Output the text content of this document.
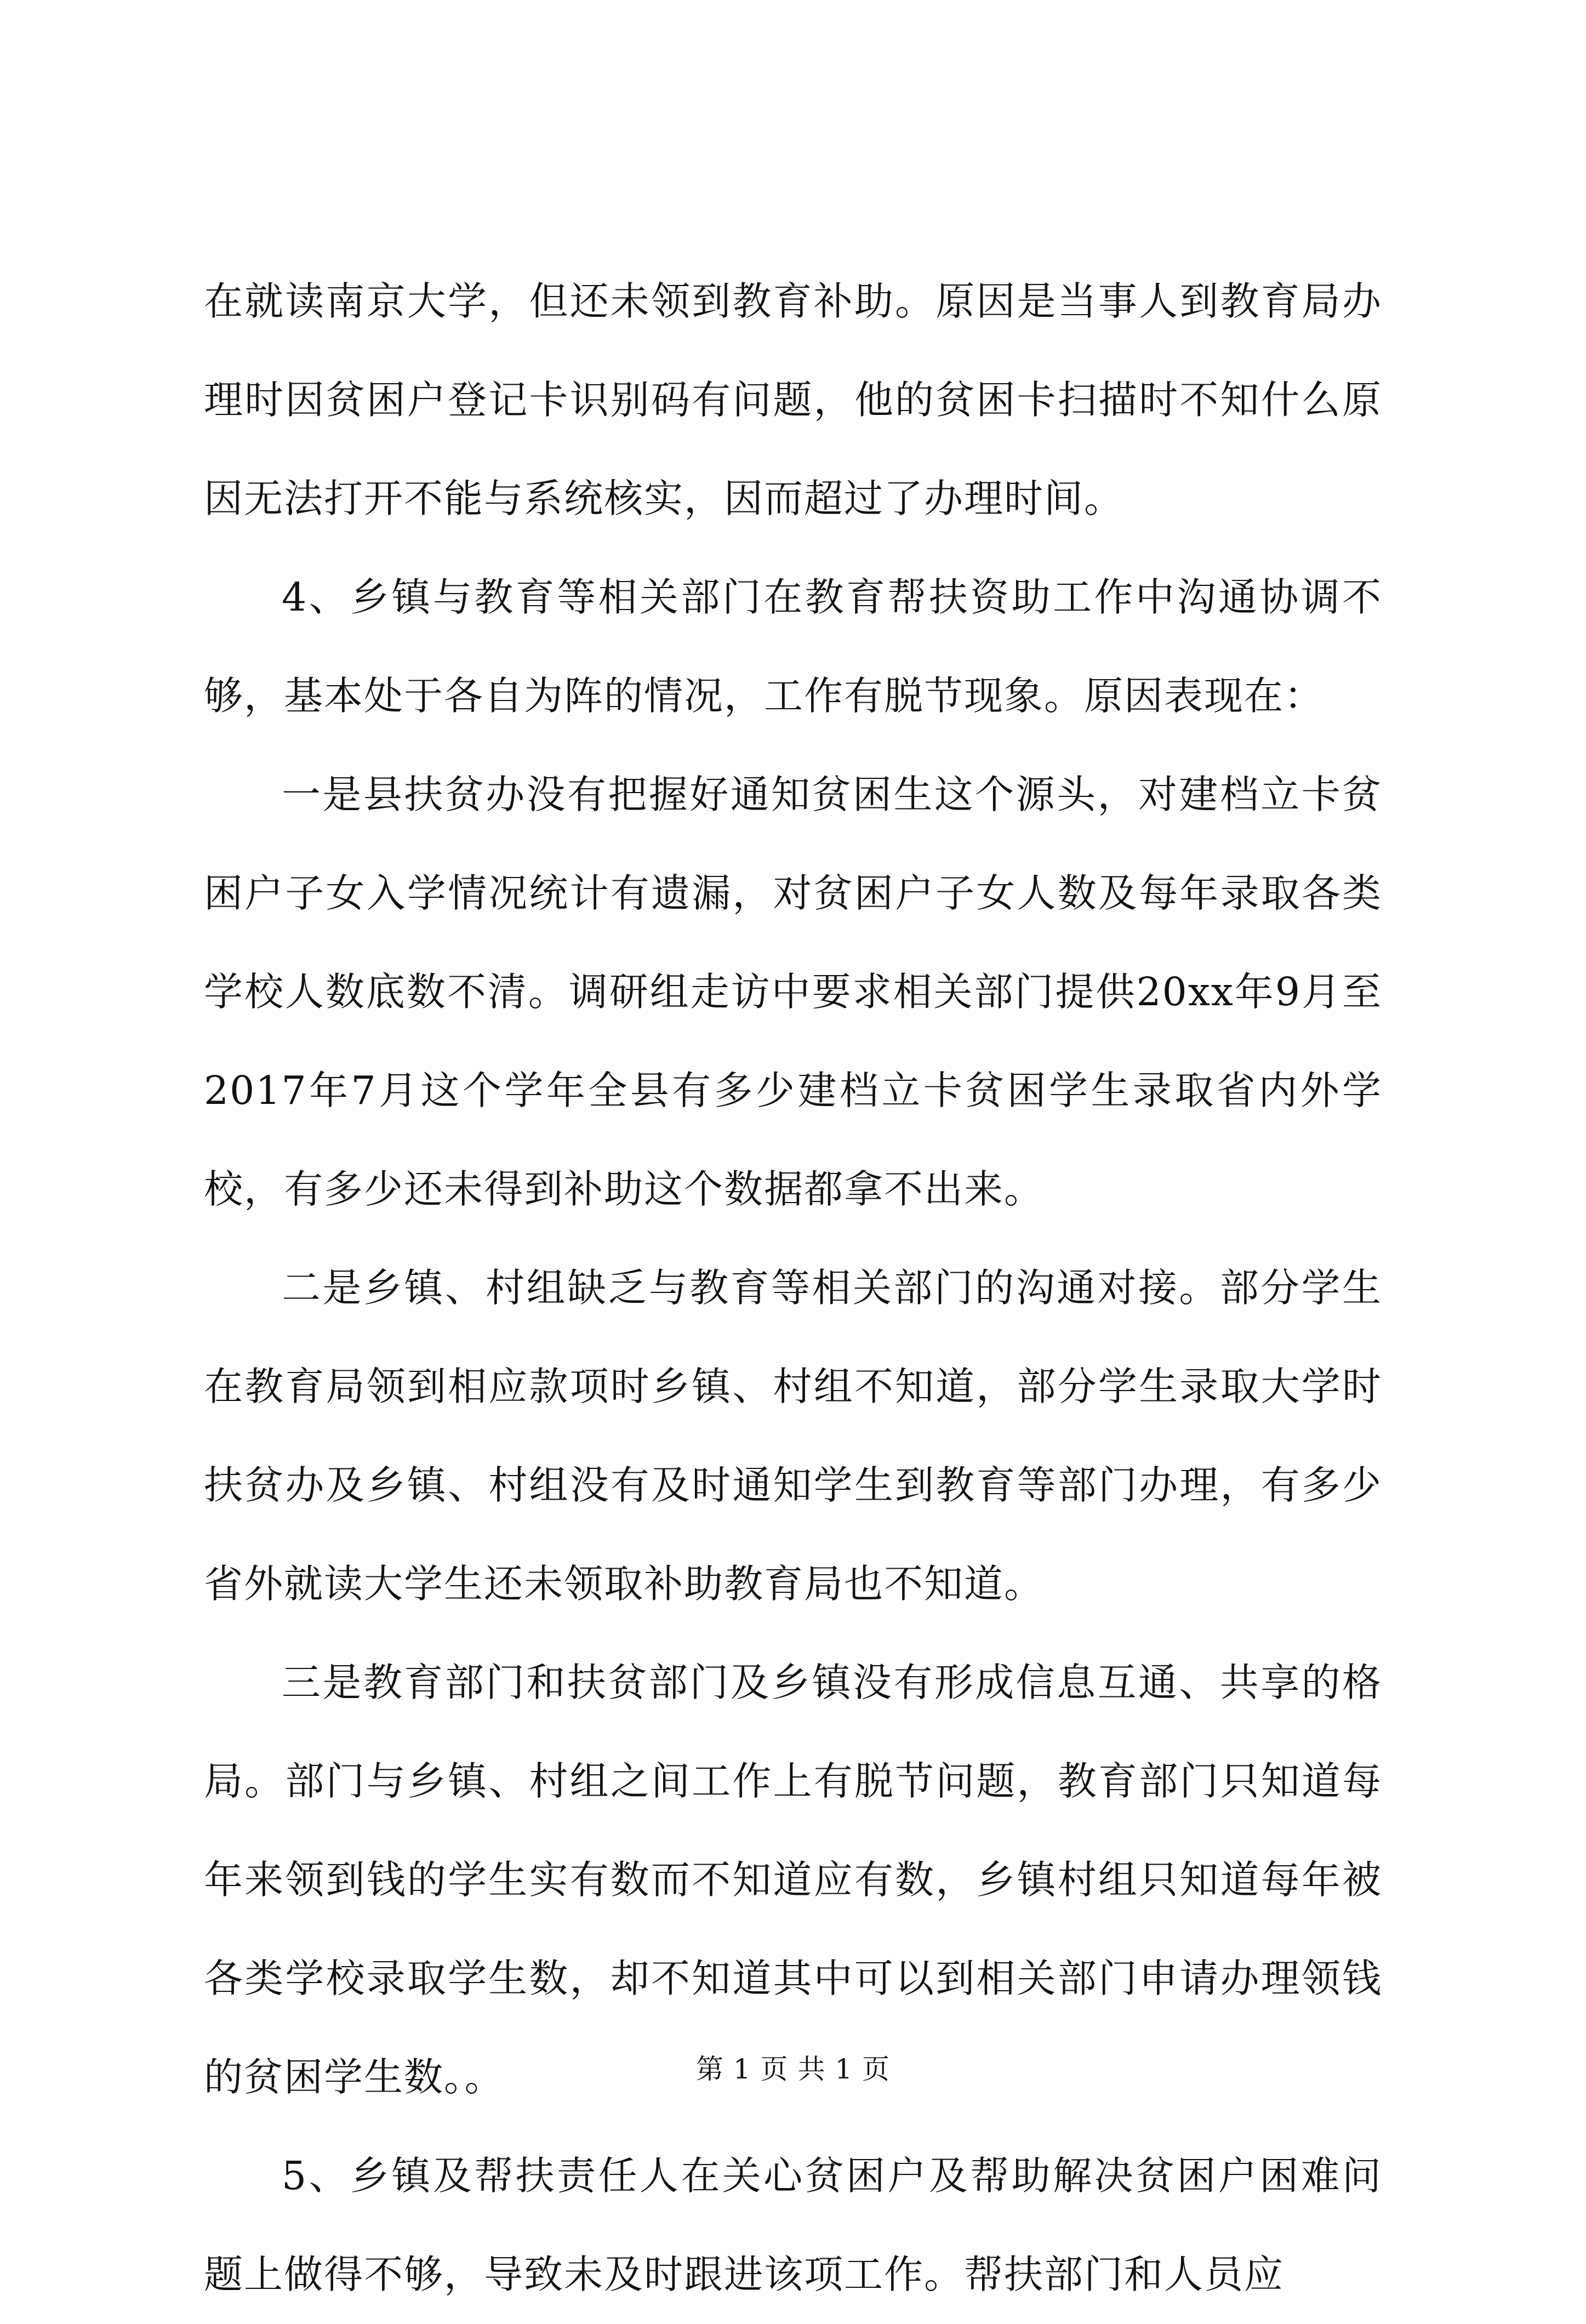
在就读南京大学，但还未领到教育补助。原因是当事人到教育局办理时因贫困户登记卡识别码有问题，他的贫困卡扫描时不知什么原因无法打开不能与系统核实，因而超过了办理时间。

4、乡镇与教育等相关部门在教育帮扶资助工作中沟通协调不够，基本处于各自为阵的情况，工作有脱节现象。原因表现在：

一是县扶贫办没有把握好通知贫困生这个源头，对建档立卡贫困户子女入学情况统计有遗漏，对贫困户子女人数及每年录取各类学校人数底数不清。调研组走访中要求相关部门提供20xx年9月至2017年7月这个学年全县有多少建档立卡贫困学生录取省内外学校，有多少还未得到补助这个数据都拿不出来。

二是乡镇、村组缺乏与教育等相关部门的沟通对接。部分学生在教育局领到相应款项时乡镇、村组不知道，部分学生录取大学时扶贫办及乡镇、村组没有及时通知学生到教育等部门办理，有多少省外就读大学生还未领取补助教育局也不知道。

三是教育部门和扶贫部门及乡镇没有形成信息互通、共享的格局。部门与乡镇、村组之间工作上有脱节问题，教育部门只知道每年来领到钱的学生实有数而不知道应有数，乡镇村组只知道每年被各类学校录取学生数，却不知道其中可以到相关部门申请办理领钱的贫困学生数。。

5、乡镇及帮扶责任人在关心贫困户及帮助解决贫困户困难问题上做得不够，导致未及时跟进该项工作。帮扶部门和人员应

第 1 页 共 1 页
